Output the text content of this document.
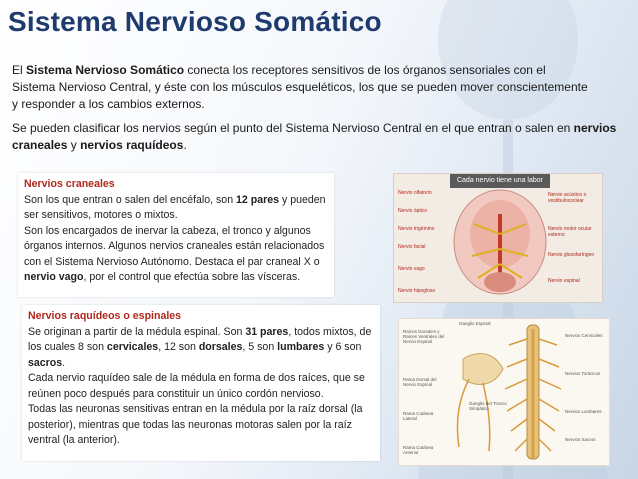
Sistema Nervioso Somático
El Sistema Nervioso Somático conecta los receptores sensitivos de los órganos sensoriales con el Sistema Nervioso Central, y éste con los músculos esqueléticos, los que se pueden mover conscientemente y responder a los cambios externos.
Se pueden clasificar los nervios según el punto del Sistema Nervioso Central en el que entran o salen en nervios craneales y nervios raquídeos.
Nervios craneales
Son los que entran o salen del encéfalo, son 12 pares y pueden ser sensitivos, motores o mixtos.
Son los encargados de inervar la cabeza, el tronco y algunos órganos internos. Algunos nervios craneales están relacionados con el Sistema Nervioso Autónomo. Destaca el par craneal X o nervio vago, por el control que efectúa sobre las vísceras.
Nervios raquídeos o espinales
Se originan a partir de la médula espinal. Son 31 pares, todos mixtos, de los cuales 8 son cervicales, 12 son dorsales, 5 son lumbares y 6 son sacros.
Cada nervio raquídeo sale de la médula en forma de dos raíces, que se reúnen poco después para constituir un único cordón nervioso.
Todas las neuronas sensitivas entran en la médula por la raíz dorsal (la posterior), mientras que todas las neuronas motoras salen por la raíz ventral (la anterior).
Cada nervio tiene una labor
Nervio olfatorio
Nervio óptico
Nervio trigémino
Nervio facial
Nervio vago
Nervio hipogloso
Nervio acústico o vestibulococlear
Nervio motor ocular externo
Nervio glosofaríngeo
Nervio espinal
Ganglio Espinal
Raíces Dorsales y Raíces Ventrales del Nervio Espinal
Rama Dorsal del Nervio Espinal
Ganglio del Tronco Simpático
Rama Cutánea Lateral
Rama Cutánea Anterior
Nervios Cervicales
Nervios Torácicos
Nervios Lumbares
Nervios Sacros
